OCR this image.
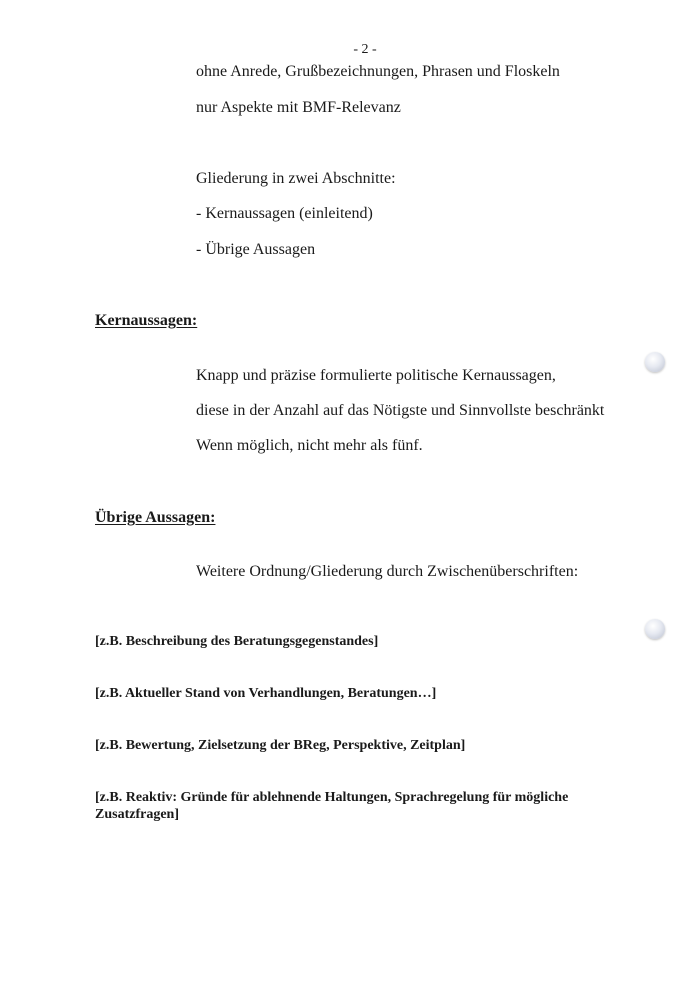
- 2 -

ohne Anrede, Grußbezeichnungen, Phrasen und Floskeln

nur Aspekte mit BMF-Relevanz

Gliederung in zwei Abschnitte:

- Kernaussagen (einleitend)

- Übrige Aussagen

Kernaussagen:

Knapp und präzise formulierte politische Kernaussagen,

diese in der Anzahl auf das Nötigste und Sinnvollste beschränkt

Wenn möglich, nicht mehr als fünf.

Übrige Aussagen:

Weitere Ordnung/Gliederung durch Zwischenüberschriften:

[z.B. Beschreibung des Beratungsgegenstandes]

[z.B. Aktueller Stand von Verhandlungen, Beratungen…]

[z.B. Bewertung, Zielsetzung der BReg, Perspektive, Zeitplan]

[z.B. Reaktiv: Gründe für ablehnende Haltungen, Sprachregelung für mögliche Zusatzfragen]
